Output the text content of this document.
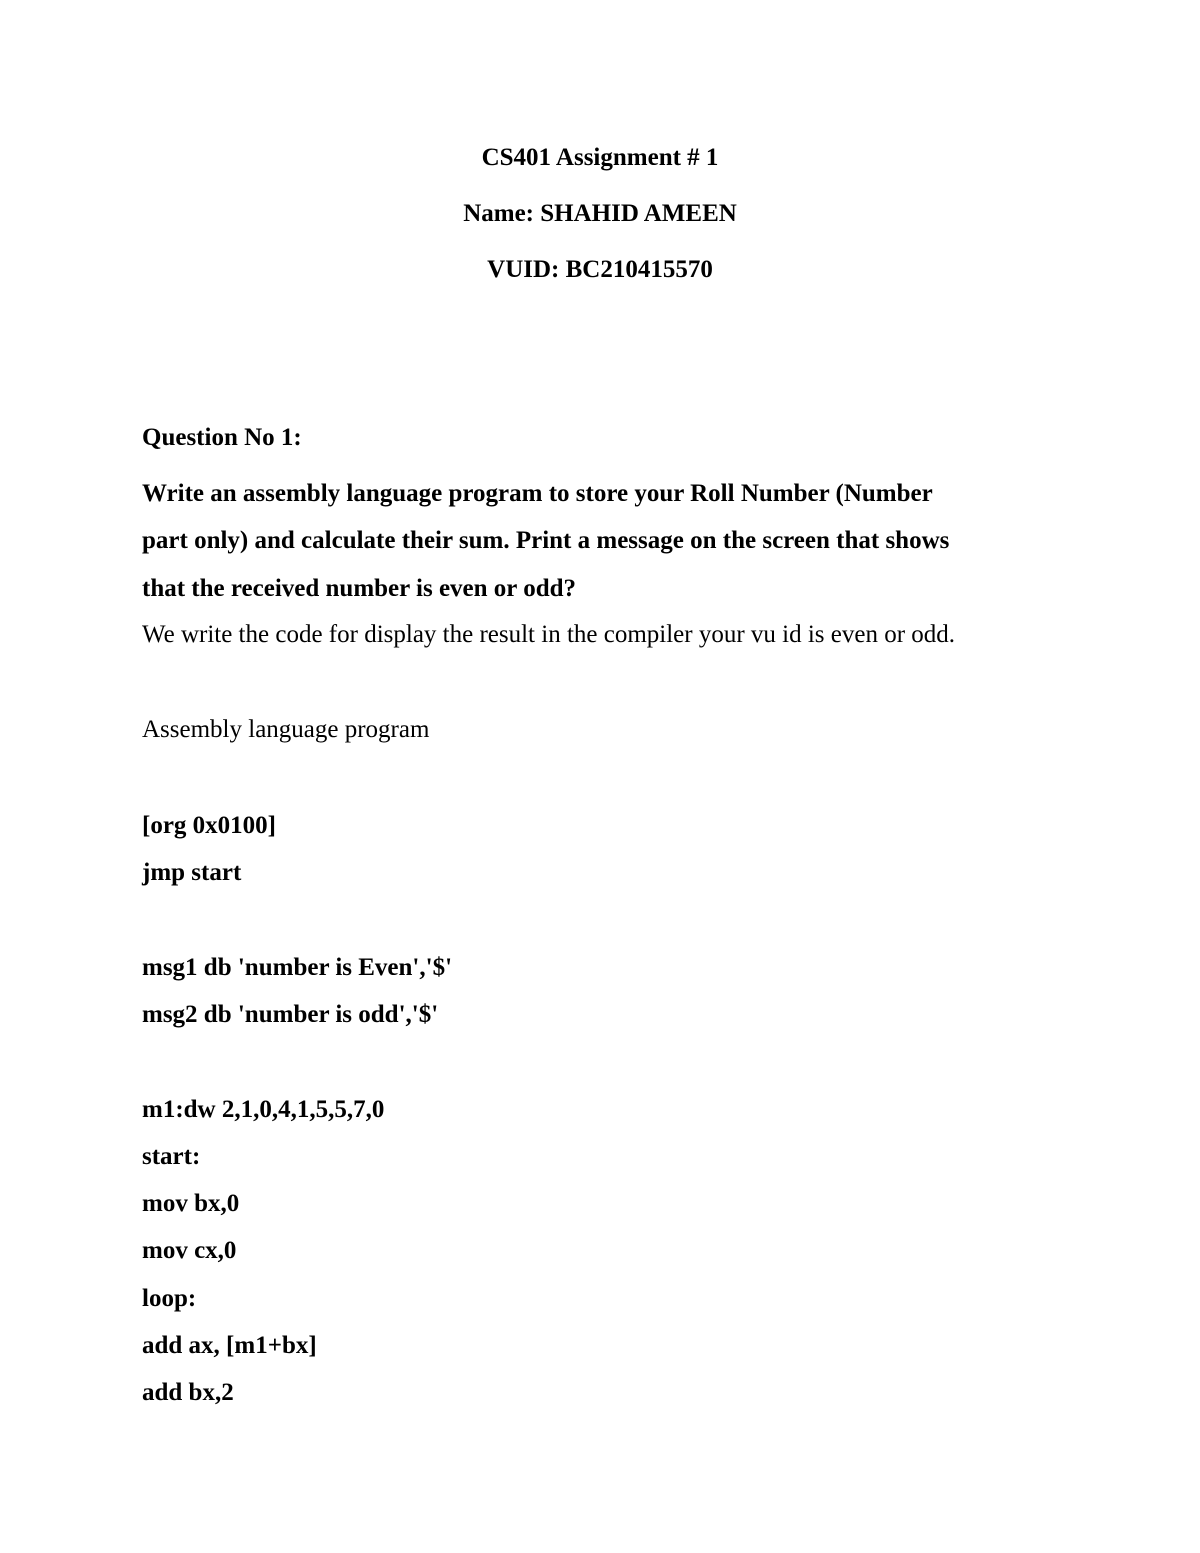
CS401 Assignment # 1
Name: SHAHID AMEEN
VUID: BC210415570
Question No 1:
Write an assembly language program to store your Roll Number (Number
part only) and calculate their sum. Print a message on the screen that shows
that the received number is even or odd?
We write the code for display the result in the compiler your vu id is even or odd.
Assembly language program
[org 0x0100]
jmp start
msg1 db 'number is Even','$'
msg2 db 'number is odd','$'
m1:dw 2,1,0,4,1,5,5,7,0
start:
mov bx,0
mov cx,0
loop:
add ax, [m1+bx]
add bx,2
